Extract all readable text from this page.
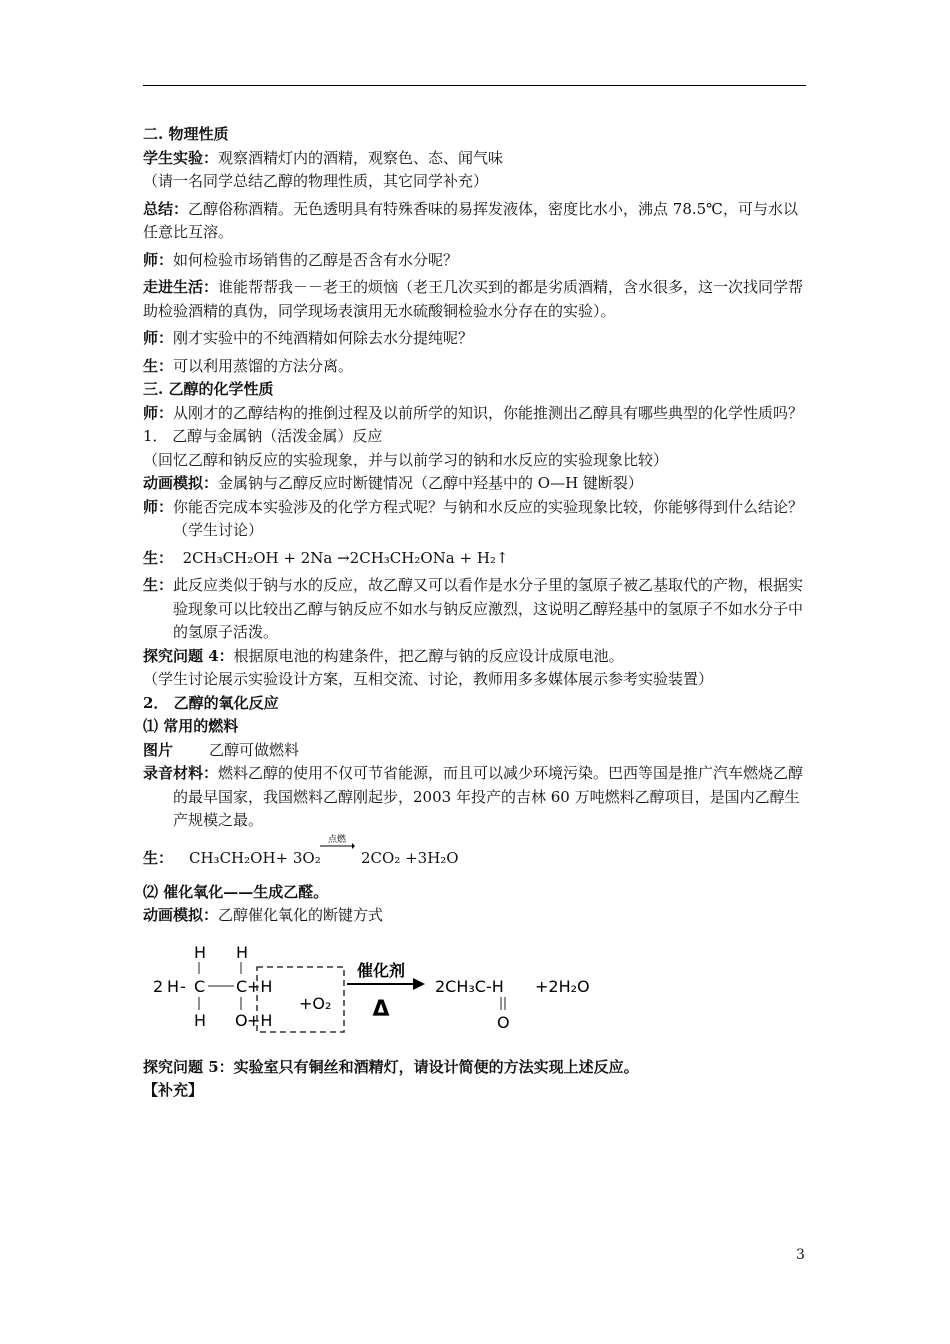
二. 物理性质

学生实验：观察酒精灯内的酒精，观察色、态、闻气味

（请一名同学总结乙醇的物理性质，其它同学补充）

总结：乙醇俗称酒精。无色透明具有特殊香味的易挥发液体，密度比水小，沸点 78.5℃，可与水以任意比互溶。

师：如何检验市场销售的乙醇是否含有水分呢？

走进生活：谁能帮帮我－－老王的烦恼（老王几次买到的都是劣质酒精，含水很多，这一次找同学帮助检验酒精的真伪，同学现场表演用无水硫酸铜检验水分存在的实验）。

师：刚才实验中的不纯酒精如何除去水分提纯呢？

生：可以利用蒸馏的方法分离。

三. 乙醇的化学性质

师：从刚才的乙醇结构的推倒过程及以前所学的知识，你能推测出乙醇具有哪些典型的化学性质吗？

1． 乙醇与金属钠（活泼金属）反应

（回忆乙醇和钠反应的实验现象，并与以前学习的钠和水反应的实验现象比较）

动画模拟：金属钠与乙醇反应时断键情况（乙醇中羟基中的 O—H 键断裂）

师：你能否完成本实验涉及的化学方程式呢？与钠和水反应的实验现象比较，你能够得到什么结论？（学生讨论）

生： 2CH₃CH₂OH + 2Na →2CH₃CH₂ONa + H₂↑

生：此反应类似于钠与水的反应，故乙醇又可以看作是水分子里的氢原子被乙基取代的产物，根据实验现象可以比较出乙醇与钠反应不如水与钠反应激烈，这说明乙醇羟基中的氢原子不如水分子中的氢原子活泼。

探究问题 4：根据原电池的构建条件，把乙醇与钠的反应设计成原电池。

（学生讨论展示实验设计方案，互相交流、讨论，教师用多多媒体展示参考实验装置）

2． 乙醇的氧化反应

⑴ 常用的燃料

图片 乙醇可做燃料

录音材料：燃料乙醇的使用不仅可节省能源，而且可以减少环境污染。巴西等国是推广汽车燃烧乙醇的最早国家，我国燃料乙醇刚起步，2003 年投产的吉林 60 万吨燃料乙醇项目，是国内乙醇生产规模之最。

生： CH₃CH₂OH+ 3O₂
点燃
2CO₂ +3H₂O

⑵ 催化氧化——生成乙醛。

动画模拟：乙醇催化氧化的断键方式

2 H - C
H
H
C
H
O
+H
+H
+O₂
催化剂
Δ
2CH₃C-H
O
+2H₂O

探究问题 5：实验室只有铜丝和酒精灯，请设计简便的方法实现上述反应。

【补充】

3
